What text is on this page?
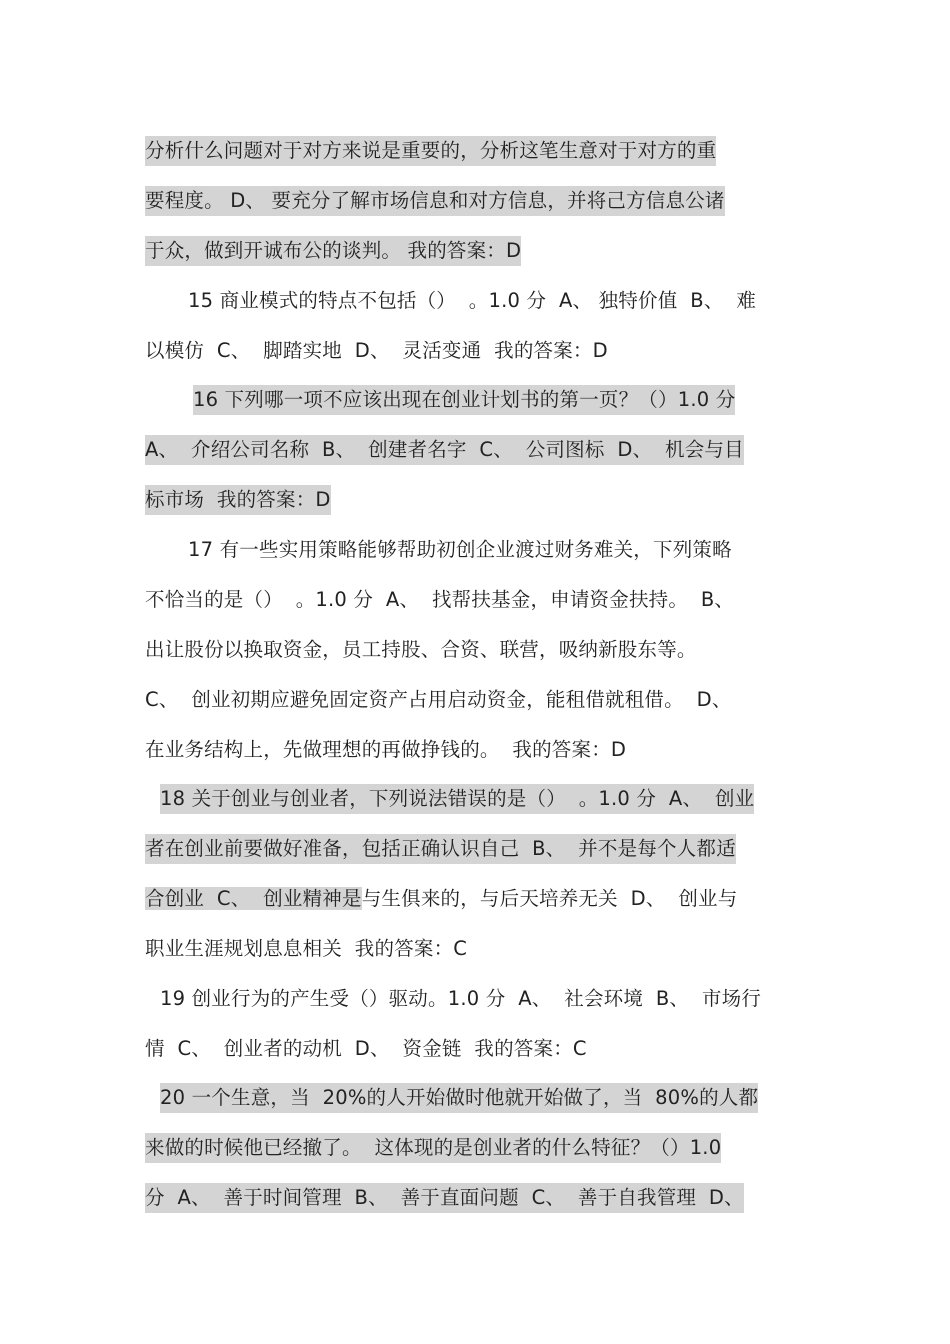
分析什么问题对于对方来说是重要的，分析这笔生意对于对方的重
要程度。 D、 要充分了解市场信息和对方信息，并将己方信息公诸
于众，做到开诚布公的谈判。 我的答案：D
15 商业模式的特点不包括（）  。1.0 分  A、 独特价值  B、  难
以模仿  C、  脚踏实地  D、  灵活变通  我的答案：D
16 下列哪一项不应该出现在创业计划书的第一页？（）1.0 分
A、  介绍公司名称  B、  创建者名字  C、  公司图标  D、  机会与目
标市场  我的答案：D
17 有一些实用策略能够帮助初创企业渡过财务难关，下列策略
不恰当的是（）  。1.0 分  A、  找帮扶基金，申请资金扶持。  B、
出让股份以换取资金，员工持股、合资、联营，吸纳新股东等。
C、  创业初期应避免固定资产占用启动资金，能租借就租借。  D、
在业务结构上，先做理想的再做挣钱的。  我的答案：D
18 关于创业与创业者，下列说法错误的是（）  。1.0 分  A、  创业
者在创业前要做好准备，包括正确认识自己  B、  并不是每个人都适
合创业  C、  创业精神是与生俱来的，与后天培养无关  D、  创业与
职业生涯规划息息相关  我的答案：C
19 创业行为的产生受（）驱动。1.0 分  A、  社会环境  B、  市场行
情  C、  创业者的动机  D、  资金链  我的答案：C
20 一个生意，当  20%的人开始做时他就开始做了，当  80%的人都
来做的时候他已经撤了。  这体现的是创业者的什么特征？（）1.0
分  A、  善于时间管理  B、  善于直面问题  C、  善于自我管理  D、
